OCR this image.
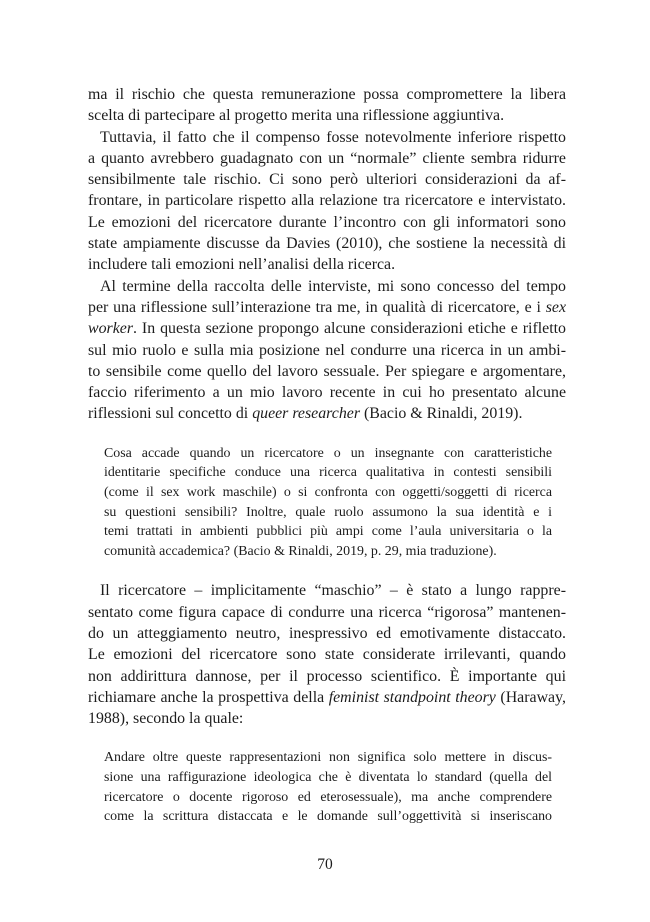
ma il rischio che questa remunerazione possa compromettere la libera
scelta di partecipare al progetto merita una riflessione aggiuntiva.

Tuttavia, il fatto che il compenso fosse notevolmente inferiore rispetto
a quanto avrebbero guadagnato con un “normale” cliente sembra ridurre
sensibilmente tale rischio. Ci sono però ulteriori considerazioni da af-
frontare, in particolare rispetto alla relazione tra ricercatore e intervistato.
Le emozioni del ricercatore durante l’incontro con gli informatori sono
state ampiamente discusse da Davies (2010), che sostiene la necessità di
includere tali emozioni nell’analisi della ricerca.

Al termine della raccolta delle interviste, mi sono concesso del tempo
per una riflessione sull’interazione tra me, in qualità di ricercatore, e i sex
worker. In questa sezione propongo alcune considerazioni etiche e rifletto
sul mio ruolo e sulla mia posizione nel condurre una ricerca in un ambi-
to sensibile come quello del lavoro sessuale. Per spiegare e argomentare,
faccio riferimento a un mio lavoro recente in cui ho presentato alcune
riflessioni sul concetto di queer researcher (Bacio & Rinaldi, 2019).

Cosa accade quando un ricercatore o un insegnante con caratteristiche
identitarie specifiche conduce una ricerca qualitativa in contesti sensibili
(come il sex work maschile) o si confronta con oggetti/soggetti di ricerca
su questioni sensibili? Inoltre, quale ruolo assumono la sua identità e i
temi trattati in ambienti pubblici più ampi come l’aula universitaria o la
comunità accademica? (Bacio & Rinaldi, 2019, p. 29, mia traduzione).

Il ricercatore – implicitamente “maschio” – è stato a lungo rappre-
sentato come figura capace di condurre una ricerca “rigorosa” mantenen-
do un atteggiamento neutro, inespressivo ed emotivamente distaccato.
Le emozioni del ricercatore sono state considerate irrilevanti, quando
non addirittura dannose, per il processo scientifico. È importante qui
richiamare anche la prospettiva della feminist standpoint theory (Haraway,
1988), secondo la quale:

Andare oltre queste rappresentazioni non significa solo mettere in discus-
sione una raffigurazione ideologica che è diventata lo standard (quella del
ricercatore o docente rigoroso ed eterosessuale), ma anche comprendere
come la scrittura distaccata e le domande sull’oggettività si inseriscano
70
